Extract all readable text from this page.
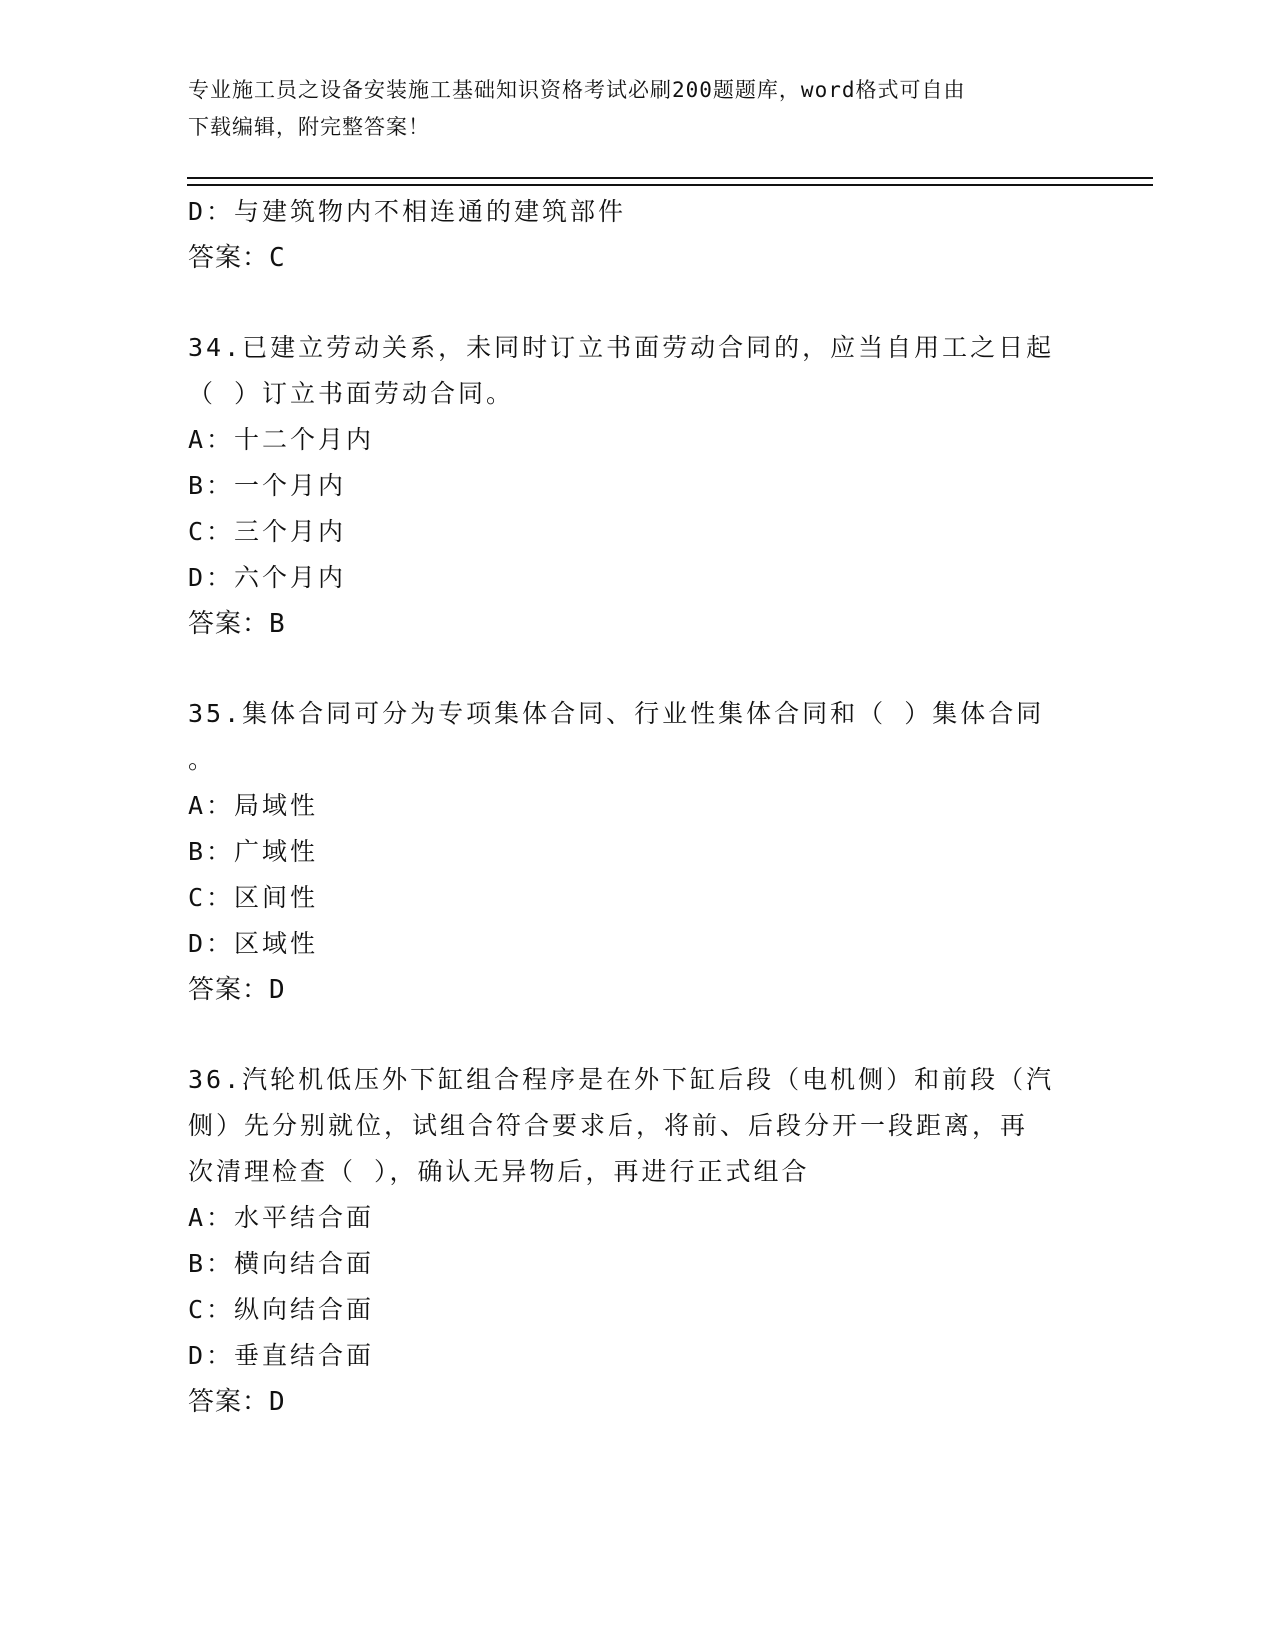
专业施工员之设备安装施工基础知识资格考试必刷200题题库，word格式可自由
下载编辑，附完整答案！
D：与建筑物内不相连通的建筑部件
答案：C
34.已建立劳动关系，未同时订立书面劳动合同的，应当自用工之日起
（ ）订立书面劳动合同。
A：十二个月内
B：一个月内
C：三个月内
D：六个月内
答案：B
35.集体合同可分为专项集体合同、行业性集体合同和（ ）集体合同
。
A：局域性
B：广域性
C：区间性
D：区域性
答案：D
36.汽轮机低压外下缸组合程序是在外下缸后段（电机侧）和前段（汽
侧）先分别就位，试组合符合要求后，将前、后段分开一段距离，再
次清理检查（ ），确认无异物后，再进行正式组合
A：水平结合面
B：横向结合面
C：纵向结合面
D：垂直结合面
答案：D
